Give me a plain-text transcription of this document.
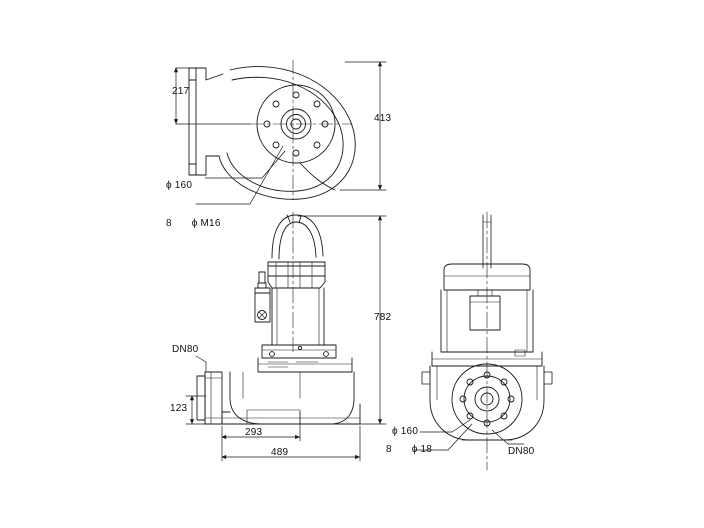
217
413
ϕ 160
8 ϕ M16
782
DN80
123
293
489
ϕ 160
8 ϕ 18	DN80
